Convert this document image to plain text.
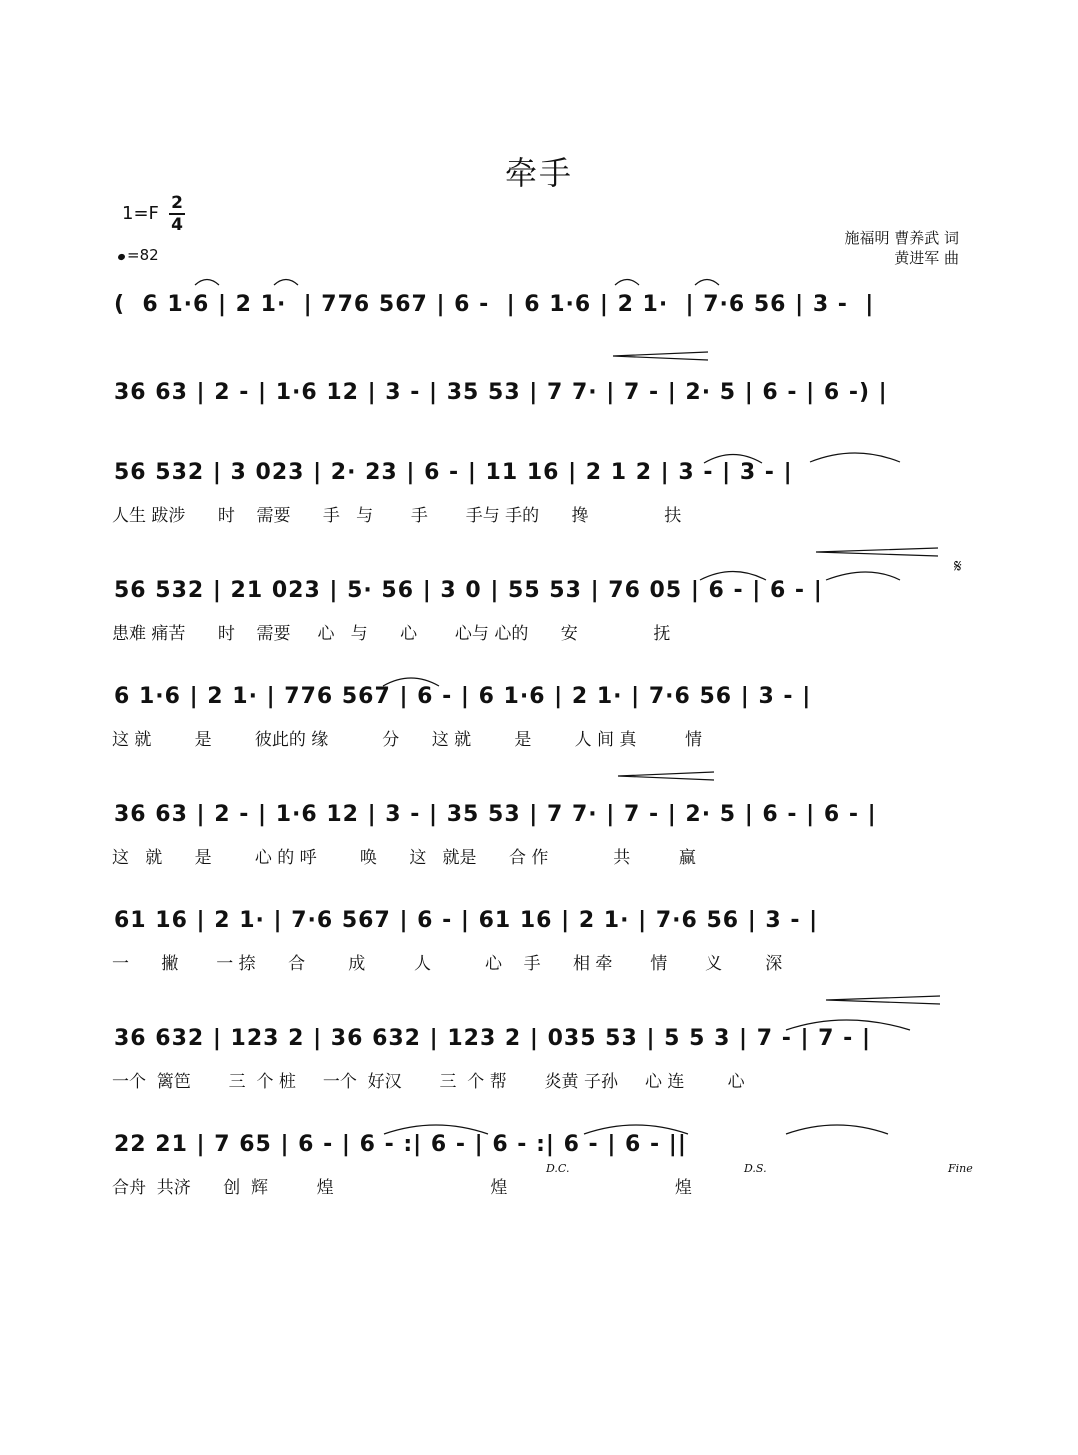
牵手
1=F 2
4
=82
施福明 曹养武 词
黄进军 曲
(  6 1·6 | 2 1·  | 776 567 | 6 -  | 6 1·6 | 2 1·  | 7·6 56 | 3 -  |
36 63 | 2 - | 1·6 12 | 3 - | 35 53 | 7 7· | 7 - | 2· 5 | 6 - | 6 -) |
56 532 | 3 023 | 2· 23 | 6 - | 11 16 | 2 1 2 | 3 - | 3 - |
人生 跋涉      时    需要      手   与       手       手与 手的      搀              扶
56 532 | 21 023 | 5· 56 | 3 0 | 55 53 | 76 05 | 6 - | 6 - |
患难 痛苦      时    需要     心   与      心       心与 心的      安              抚
6 1·6 | 2 1· | 776 567 | 6 - | 6 1·6 | 2 1· | 7·6 56 | 3 - |
这 就        是        彼此的 缘          分      这 就        是        人 间 真         情
36 63 | 2 - | 1·6 12 | 3 - | 35 53 | 7 7· | 7 - | 2· 5 | 6 - | 6 - |
这   就      是        心 的 呼        唤      这   就是      合 作            共         赢
61 16 | 2 1· | 7·6 567 | 6 - | 61 16 | 2 1· | 7·6 56 | 3 - |
一      撇       一 捺      合        成         人          心    手      相 牵       情       义        深
36 632 | 123 2 | 36 632 | 123 2 | 035 53 | 5 5 3 | 7 - | 7 - |
一个  篱笆       三  个 桩     一个  好汉       三  个 帮       炎黄 子孙     心 连        心
22 21 | 7 65 | 6 - | 6 - :| 6 - | 6 - :| 6 - | 6 - ||
合舟  共济      创  辉         煌                             煌                               煌
D.C.	D.S.	Fine
𝄋
